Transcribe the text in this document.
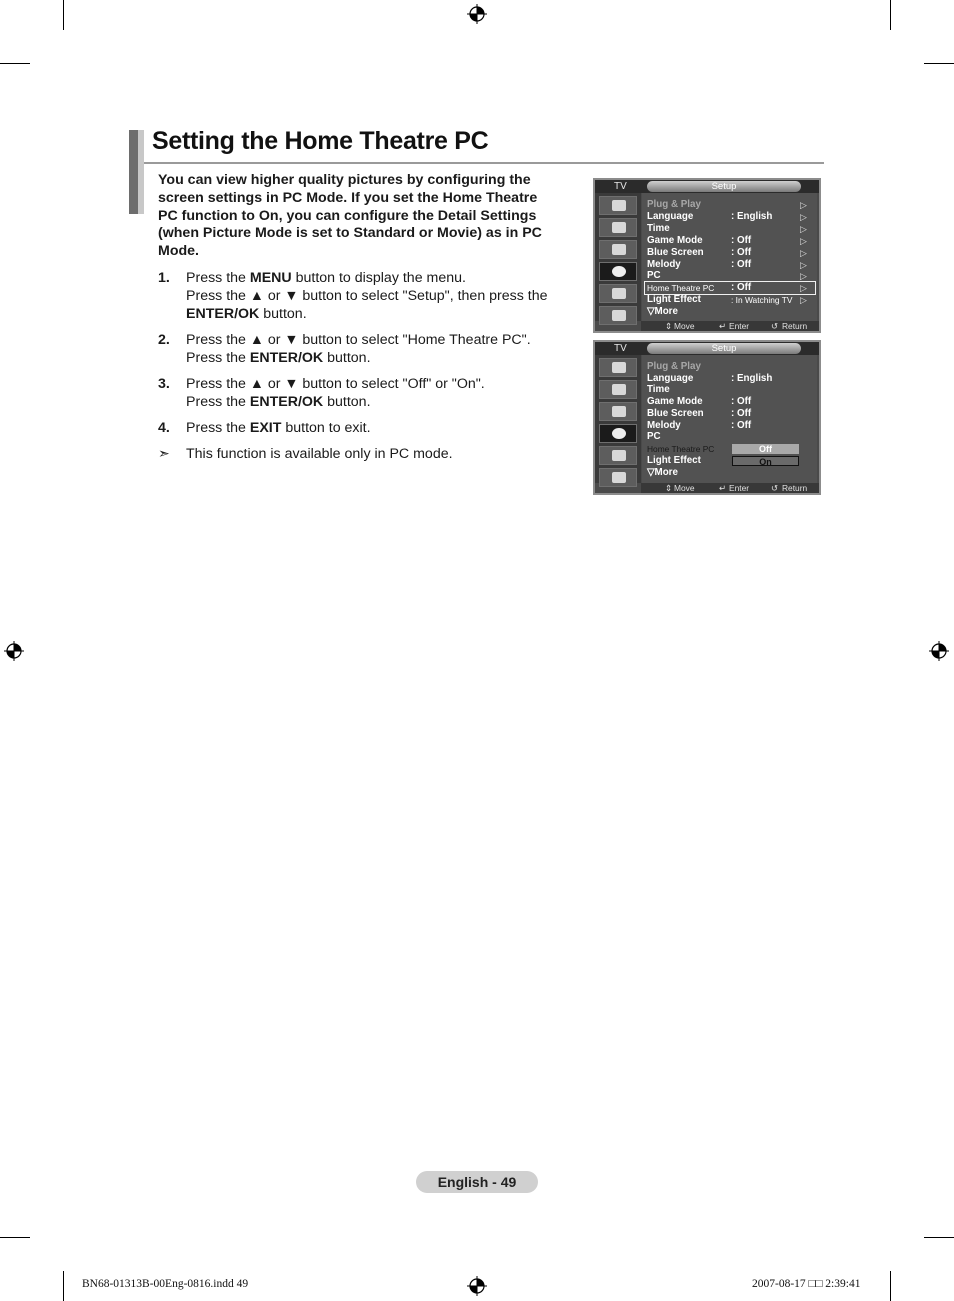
Setting the Home Theatre PC
You can view higher quality pictures by configuring the screen settings in PC Mode. If you set the Home Theatre PC function to On, you can configure the Detail Settings (when Picture Mode is set to Standard or Movie) as in PC Mode.
1. Press the MENU button to display the menu.
Press the ▲ or ▼ button to select "Setup", then press the ENTER/OK button.
2. Press the ▲ or ▼ button to select "Home Theatre PC".
Press the ENTER/OK button.
3. Press the ▲ or ▼ button to select "Off" or "On".
Press the ENTER/OK button.
4. Press the EXIT button to exit.
➣ This function is available only in PC mode.
TV	Setup
Plug & Play	▷
Language	: English	▷
Time	▷
Game Mode	: Off	▷
Blue Screen	: Off	▷
Melody	: Off	▷
PC	▷
Home Theatre PC : Off	▷
Light Effect	: In Watching TV ▷
▽More
⇕ Move	↵ Enter	↺ Return
TV	Setup
Plug & Play
Language	: English
Time
Game Mode	: Off
Blue Screen	: Off
Melody	: Off
PC
Home Theatre PC
Light Effect
▽More
Off
On
⇕ Move	↵ Enter	↺ Return
English - 49
BN68-01313B-00Eng-0816.indd 49	2007-08-17 □□ 2:39:41
